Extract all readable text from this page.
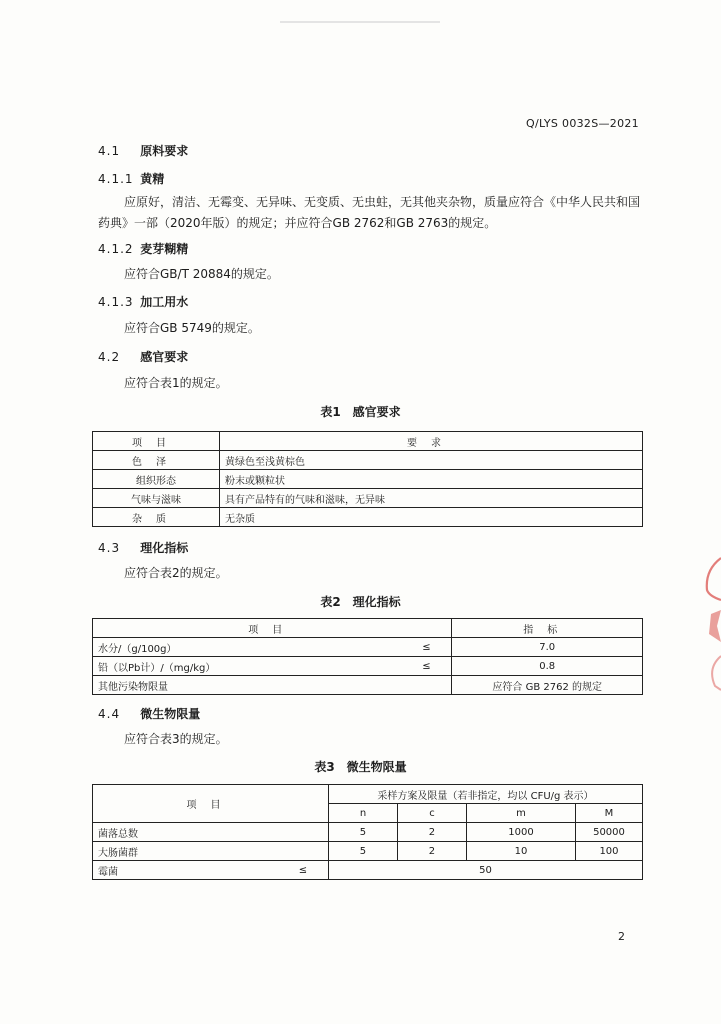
Q/LYS 0032S—2021
4.1 原料要求
4.1.1 黄精
应原好，清洁、无霉变、无异味、无变质、无虫蛀，无其他夹杂物，质量应符合《中华人民共和国
药典》一部（2020年版）的规定；并应符合GB 2762和GB 2763的规定。
4.1.2 麦芽糊精
应符合GB/T 20884的规定。
4.1.3 加工用水
应符合GB 5749的规定。
4.2 感官要求
应符合表1的规定。
表1　感官要求
项目	要求
色泽	黄绿色至浅黄棕色
组织形态	粉末或颗粒状
气味与滋味	具有产品特有的气味和滋味，无异味
杂质	无杂质
4.3 理化指标
应符合表2的规定。
表2　理化指标
项目		指标
水分/（g/100g）	≤	7.0
铅（以Pb计）/（mg/kg）	≤	0.8
其他污染物限量		应符合 GB 2762 的规定
4.4 微生物限量
应符合表3的规定。
表3　微生物限量
项目		采样方案及限量（若非指定，均以 CFU/g 表示）			
		n	c	m	M
菌落总数		5	2	1000	50000
大肠菌群		5	2	10	100
霉菌	≤	50			
2
